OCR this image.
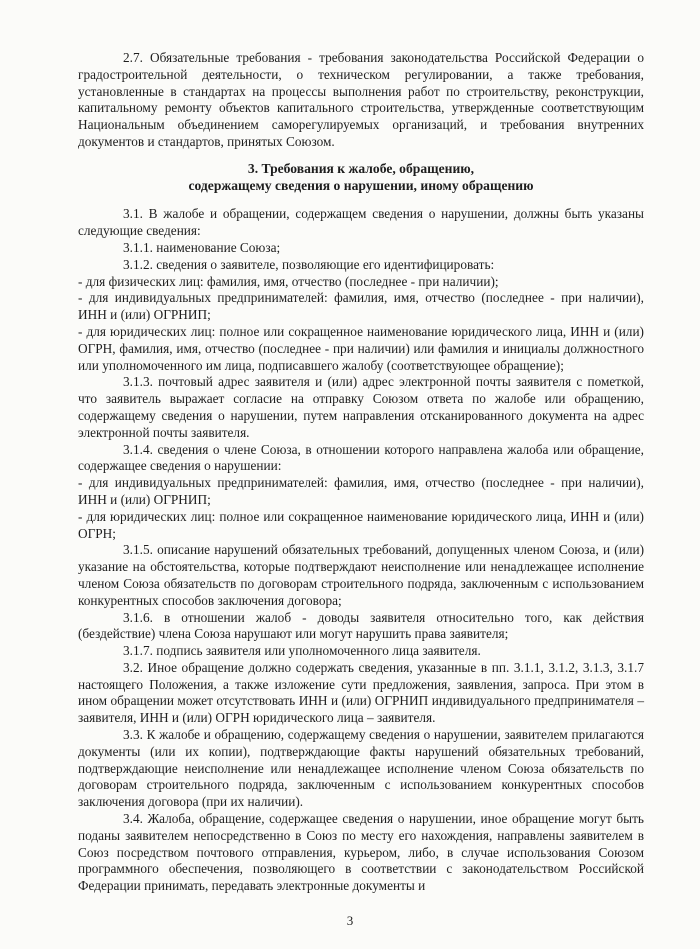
2.7. Обязательные требования - требования законодательства Российской Федерации о градостроительной деятельности, о техническом регулировании, а также требования, установленные в стандартах на процессы выполнения работ по строительству, реконструкции, капитальному ремонту объектов капитального строительства, утвержденные соответствующим Национальным объединением саморегулируемых организаций, и требования внутренних документов и стандартов, принятых Союзом.

3. Требования к жалобе, обращению,
содержащему сведения о нарушении, иному обращению

3.1. В жалобе и обращении, содержащем сведения о нарушении, должны быть указаны следующие сведения:

3.1.1. наименование Союза;

3.1.2. сведения о заявителе, позволяющие его идентифицировать:

- для физических лиц: фамилия, имя, отчество (последнее - при наличии);

- для индивидуальных предпринимателей: фамилия, имя, отчество (последнее - при наличии), ИНН и (или) ОГРНИП;

- для юридических лиц: полное или сокращенное наименование юридического лица, ИНН и (или) ОГРН, фамилия, имя, отчество (последнее - при наличии) или фамилия и инициалы должностного или уполномоченного им лица, подписавшего жалобу (соответствующее обращение);

3.1.3. почтовый адрес заявителя и (или) адрес электронной почты заявителя с пометкой, что заявитель выражает согласие на отправку Союзом ответа по жалобе или обращению, содержащему сведения о нарушении, путем направления отсканированного документа на адрес электронной почты заявителя.

3.1.4. сведения о члене Союза, в отношении которого направлена жалоба или обращение, содержащее сведения о нарушении:

- для индивидуальных предпринимателей: фамилия, имя, отчество (последнее - при наличии), ИНН и (или) ОГРНИП;

- для юридических лиц: полное или сокращенное наименование юридического лица, ИНН и (или) ОГРН;

3.1.5. описание нарушений обязательных требований, допущенных членом Союза, и (или) указание на обстоятельства, которые подтверждают неисполнение или ненадлежащее исполнение членом Союза обязательств по договорам строительного подряда, заключенным с использованием конкурентных способов заключения договора;

3.1.6. в отношении жалоб - доводы заявителя относительно того, как действия (бездействие) члена Союза нарушают или могут нарушить права заявителя;

3.1.7. подпись заявителя или уполномоченного лица заявителя.

3.2. Иное обращение должно содержать сведения, указанные в пп. 3.1.1, 3.1.2, 3.1.3, 3.1.7 настоящего Положения, а также изложение сути предложения, заявления, запроса. При этом в ином обращении может отсутствовать ИНН и (или) ОГРНИП индивидуального предпринимателя – заявителя, ИНН и (или) ОГРН юридического лица – заявителя.

3.3. К жалобе и обращению, содержащему сведения о нарушении, заявителем прилагаются документы (или их копии), подтверждающие факты нарушений обязательных требований, подтверждающие неисполнение или ненадлежащее исполнение членом Союза обязательств по договорам строительного подряда, заключенным с использованием конкурентных способов заключения договора (при их наличии).

3.4. Жалоба, обращение, содержащее сведения о нарушении, иное обращение могут быть поданы заявителем непосредственно в Союз по месту его нахождения, направлены заявителем в Союз посредством почтового отправления, курьером, либо, в случае использования Союзом программного обеспечения, позволяющего в соответствии с законодательством Российской Федерации принимать, передавать электронные документы и

3
